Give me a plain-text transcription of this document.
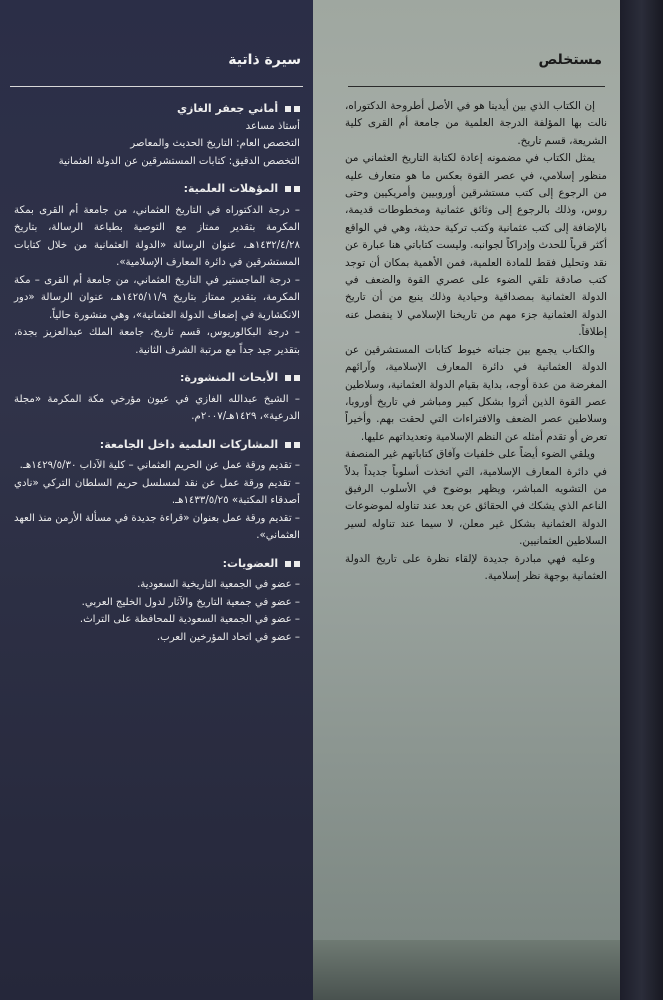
مستخلص
سيرة ذاتية

إن الكتاب الذي بين أيدينا هو في الأصل أطروحة الدكتوراه، نالت بها المؤلفة الدرجة العلمية من جامعة أم القرى كلية الشريعة، قسم تاريخ.

يمثل الكتاب في مضمونه إعادة لكتابة التاريخ العثماني من منظور إسلامي، في عصر القوة بعكس ما هو متعارف عليه من الرجوع إلى كتب مستشرقين أوروبيين وأمريكيين وحتى روس، وذلك بالرجوع إلى وثائق عثمانية ومخطوطات قديمة، بالإضافة إلى كتب عثمانية وكتب تركية حديثة، وهي في الواقع أكثر قرباً للحدث وإدراكاً لجوانبه. وليست كتاباتي هنا عبارة عن نقد وتحليل فقط للمادة العلمية، فمن الأهمية بمكان أن توجد كتب صادقة تلقي الضوء على عصري القوة والضعف في الدولة العثمانية بمصداقية وحيادية وذلك ينبع من أن تاريخ الدولة العثمانية جزء مهم من تاريخنا الإسلامي لا ينفصل عنه إطلاقاً.

والكتاب يجمع بين جنباته خيوط كتابات المستشرقين عن الدولة العثمانية في دائرة المعارف الإسلامية، وآرائهم المغرضة من عدة أوجه، بداية بقيام الدولة العثمانية، وسلاطين عصر القوة الذين أثروا بشكل كبير ومباشر في تاريخ أوروبا، وسلاطين عصر الضعف والافتراءات التي لحقت بهم. وأخيراً تعرض أو تقدم أمثله عن النظم الإسلامية وتعديداتهم عليها.

ويلقي الضوء أيضاً على خلفيات وآفاق كتاباتهم غير المنصفة في دائرة المعارف الإسلامية، التي اتخذت أسلوباً جديداً بدلاً من التشويه المباشر، ويظهر بوضوح في الأسلوب الرفيق الناعم الذي يشكك في الحقائق عن بعد عند تناوله لموضوعات الدولة العثمانية بشكل غير معلن، لا سيما عند تناوله لسير السلاطين العثمانيين.

وعليه فهي مبادرة جديدة لإلقاء نظرة على تاريخ الدولة العثمانية بوجهة نظر إسلامية.

أماني جعفر الغازي

أستاذ مساعد

التخصص العام: التاريخ الحديث والمعاصر

التخصص الدقيق: كتابات المستشرقين عن الدولة العثمانية

المؤهلات العلمية:

– درجة الدكتوراه في التاريخ العثماني، من جامعة أم القرى بمكة المكرمة بتقدير ممتاز مع التوصية بطباعة الرسالة، بتاريخ ١٤٣٢/٤/٢٨هـ، عنوان الرسالة «الدولة العثمانية من خلال كتابات المستشرقين في دائرة المعارف الإسلامية».

– درجة الماجستير في التاريخ العثماني، من جامعة أم القرى – مكة المكرمة، بتقدير ممتاز بتاريخ ١٤٢٥/١١/٩هـ، عنوان الرسالة «دور الانكشارية في إضعاف الدولة العثمانية»، وهي منشورة حالياً.

– درجة البكالوريوس، قسم تاريخ، جامعة الملك عبدالعزيز بجدة، بتقدير جيد جداً مع مرتبة الشرف الثانية.

الأبحاث المنشورة:

– الشيخ عبدالله الغازي في عيون مؤرخي مكة المكرمة «مجلة الدرعية»، ١٤٢٩هـ/٢٠٠٧م.

المشاركات العلمية داخل الجامعة:

– تقديم ورقة عمل عن الحريم العثماني – كلية الآداب ١٤٢٩/٥/٣٠هـ.

– تقديم ورقة عمل عن نقد لمسلسل حريم السلطان التركي «نادي أصدقاء المكتبة» ١٤٣٣/٥/٢٥هـ.

– تقديم ورقة عمل بعنوان «قراءة جديدة في مسألة الأرمن منذ العهد العثماني».

العضويات:

– عضو في الجمعية التاريخية السعودية.

– عضو في جمعية التاريخ والآثار لدول الخليج العربي.

– عضو في الجمعية السعودية للمحافظة على التراث.

– عضو في اتحاد المؤرخين العرب.
